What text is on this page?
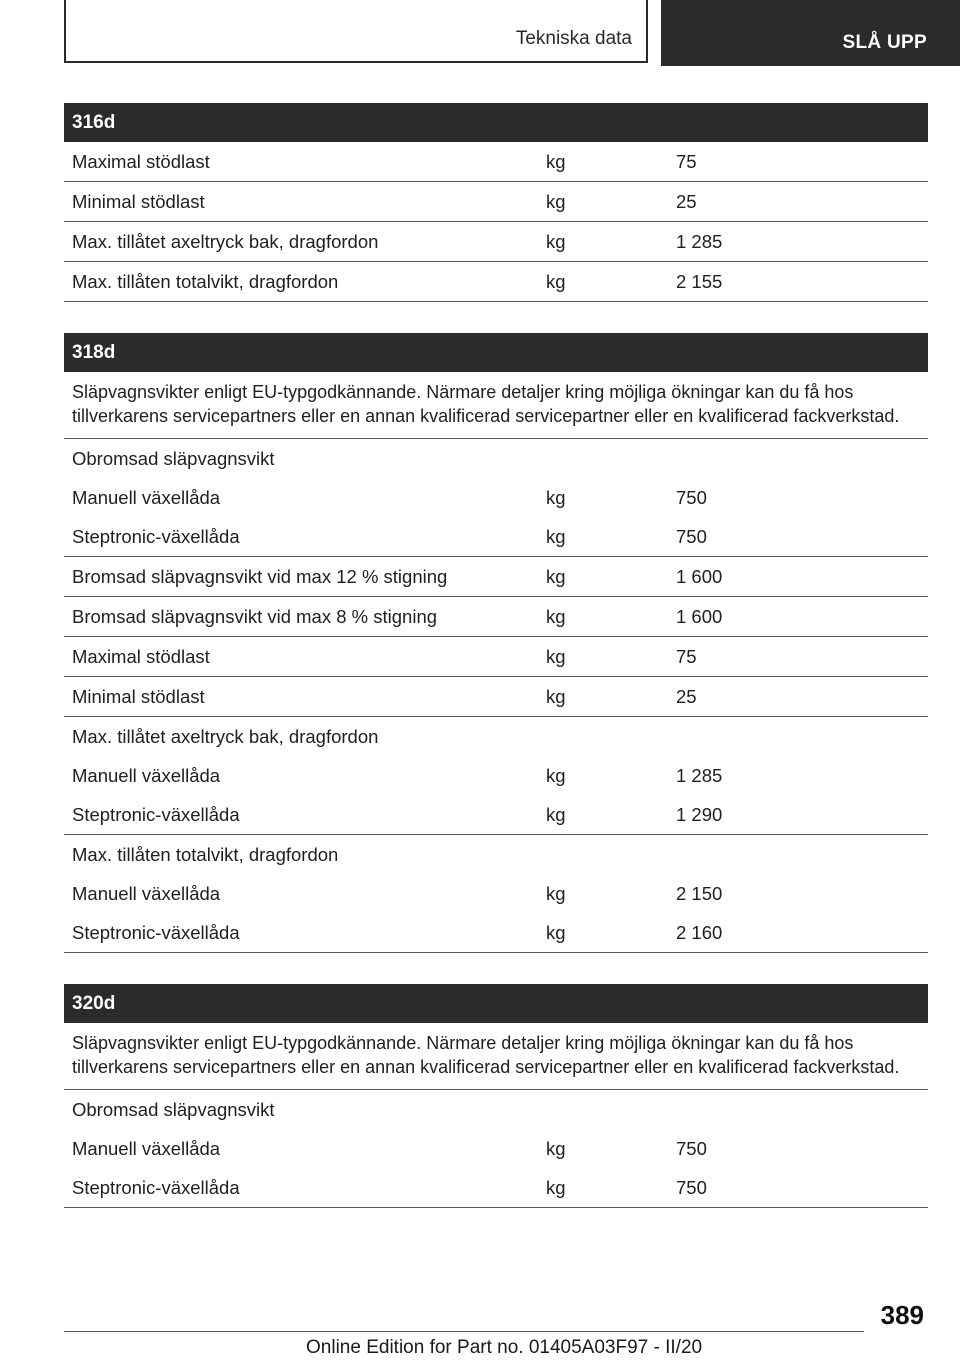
Tekniska data	SLÅ UPP
316d
Maximal stödlast	kg	75
Minimal stödlast	kg	25
Max. tillåtet axeltryck bak, dragfordon	kg	1 285
Max. tillåten totalvikt, dragfordon	kg	2 155
318d
Släpvagnsvikter enligt EU-typgodkännande. Närmare detaljer kring möjliga ökningar kan du få hos tillverkarens servicepartners eller en annan kvalificerad servicepartner eller en kvalificerad fackverkstad.
Obromsad släpvagnsvikt
Manuell växellåda	kg	750
Steptronic-växellåda	kg	750
Bromsad släpvagnsvikt vid max 12 % stigning	kg	1 600
Bromsad släpvagnsvikt vid max 8 % stigning	kg	1 600
Maximal stödlast	kg	75
Minimal stödlast	kg	25
Max. tillåtet axeltryck bak, dragfordon
Manuell växellåda	kg	1 285
Steptronic-växellåda	kg	1 290
Max. tillåten totalvikt, dragfordon
Manuell växellåda	kg	2 150
Steptronic-växellåda	kg	2 160
320d
Släpvagnsvikter enligt EU-typgodkännande. Närmare detaljer kring möjliga ökningar kan du få hos tillverkarens servicepartners eller en annan kvalificerad servicepartner eller en kvalificerad fackverkstad.
Obromsad släpvagnsvikt
Manuell växellåda	kg	750
Steptronic-växellåda	kg	750
389
Online Edition for Part no. 01405A03F97 - II/20
